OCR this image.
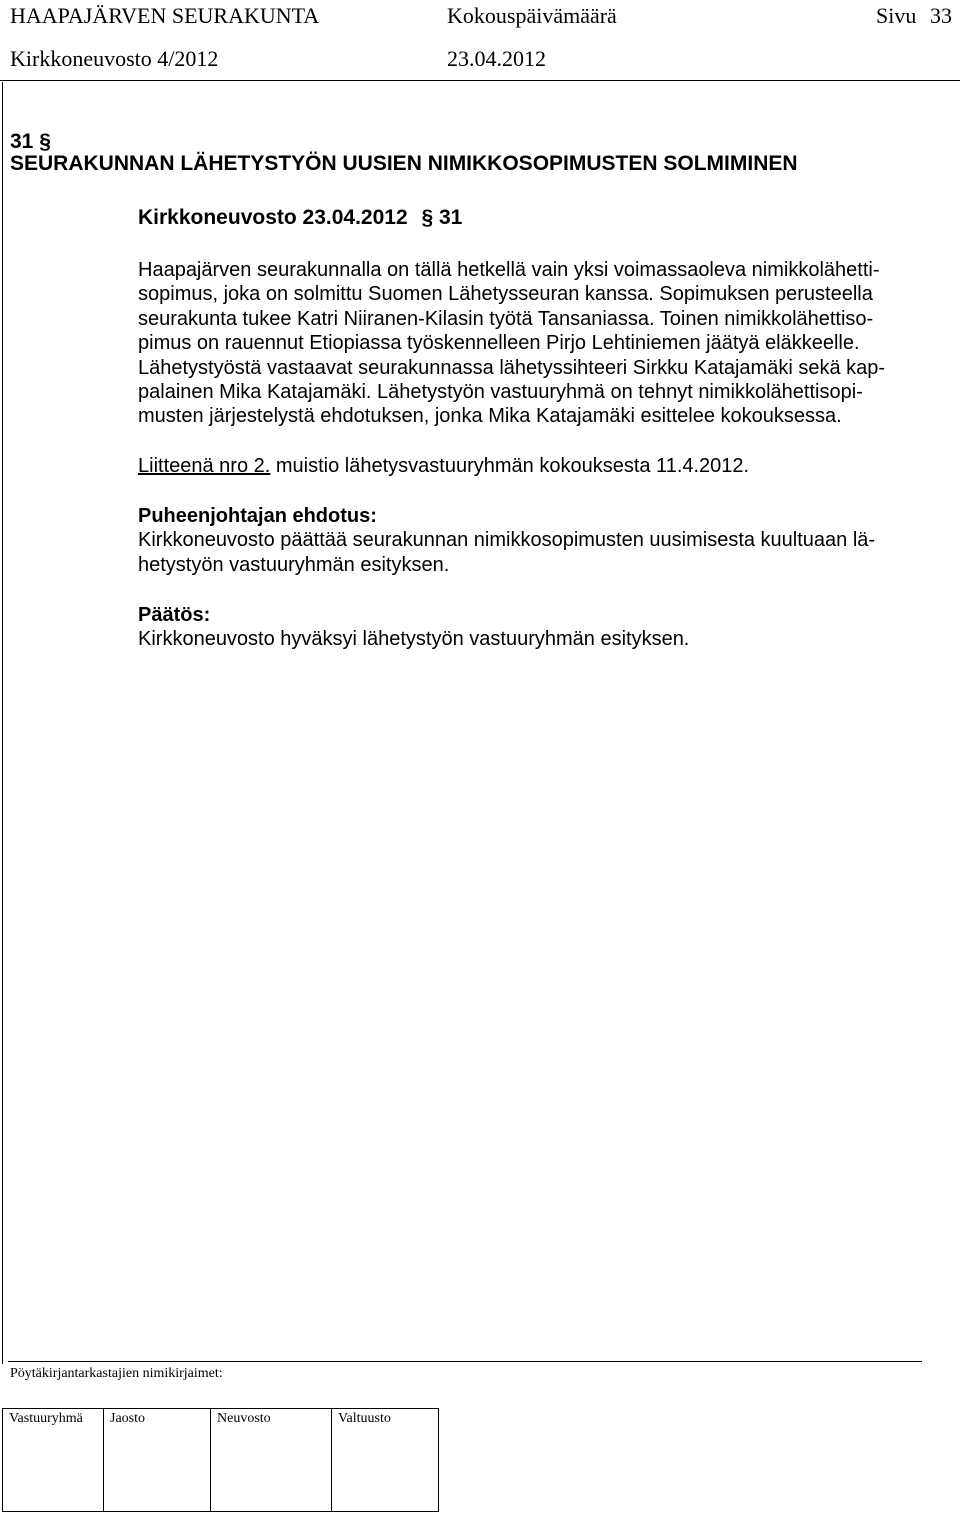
HAAPAJÄRVEN SEURAKUNTA	Kokouspäivämäärä	Sivu 33
Kirkkoneuvosto 4/2012	23.04.2012
31 §
SEURAKUNNAN LÄHETYSTYÖN UUSIEN NIMIKKOSOPIMUSTEN SOLMIMINEN
Kirkkoneuvosto 23.04.2012 § 31
Haapajärven seurakunnalla on tällä hetkellä vain yksi voimassaoleva nimikkolähetti-
sopimus, joka on solmittu Suomen Lähetysseuran kanssa. Sopimuksen perusteella
seurakunta tukee Katri Niiranen-Kilasin työtä Tansaniassa. Toinen nimikkolähettiso-
pimus on rauennut Etiopiassa työskennelleen Pirjo Lehtiniemen jäätyä eläkkeelle.
Lähetystyöstä vastaavat seurakunnassa lähetyssihteeri Sirkku Katajamäki sekä kap-
palainen Mika Katajamäki. Lähetystyön vastuuryhmä on tehnyt nimikkolähettisopi-
musten järjestelystä ehdotuksen, jonka Mika Katajamäki esittelee kokouksessa.
Liitteenä nro 2. muistio lähetysvastuuryhmän kokouksesta 11.4.2012.
Puheenjohtajan ehdotus:
Kirkkoneuvosto päättää seurakunnan nimikkosopimusten uusimisesta kuultuaan lä-
hetystyön vastuuryhmän esityksen.
Päätös:
Kirkkoneuvosto hyväksyi lähetystyön vastuuryhmän esityksen.
Pöytäkirjantarkastajien nimikirjaimet:
Vastuuryhmä	Jaosto	Neuvosto	Valtuusto
